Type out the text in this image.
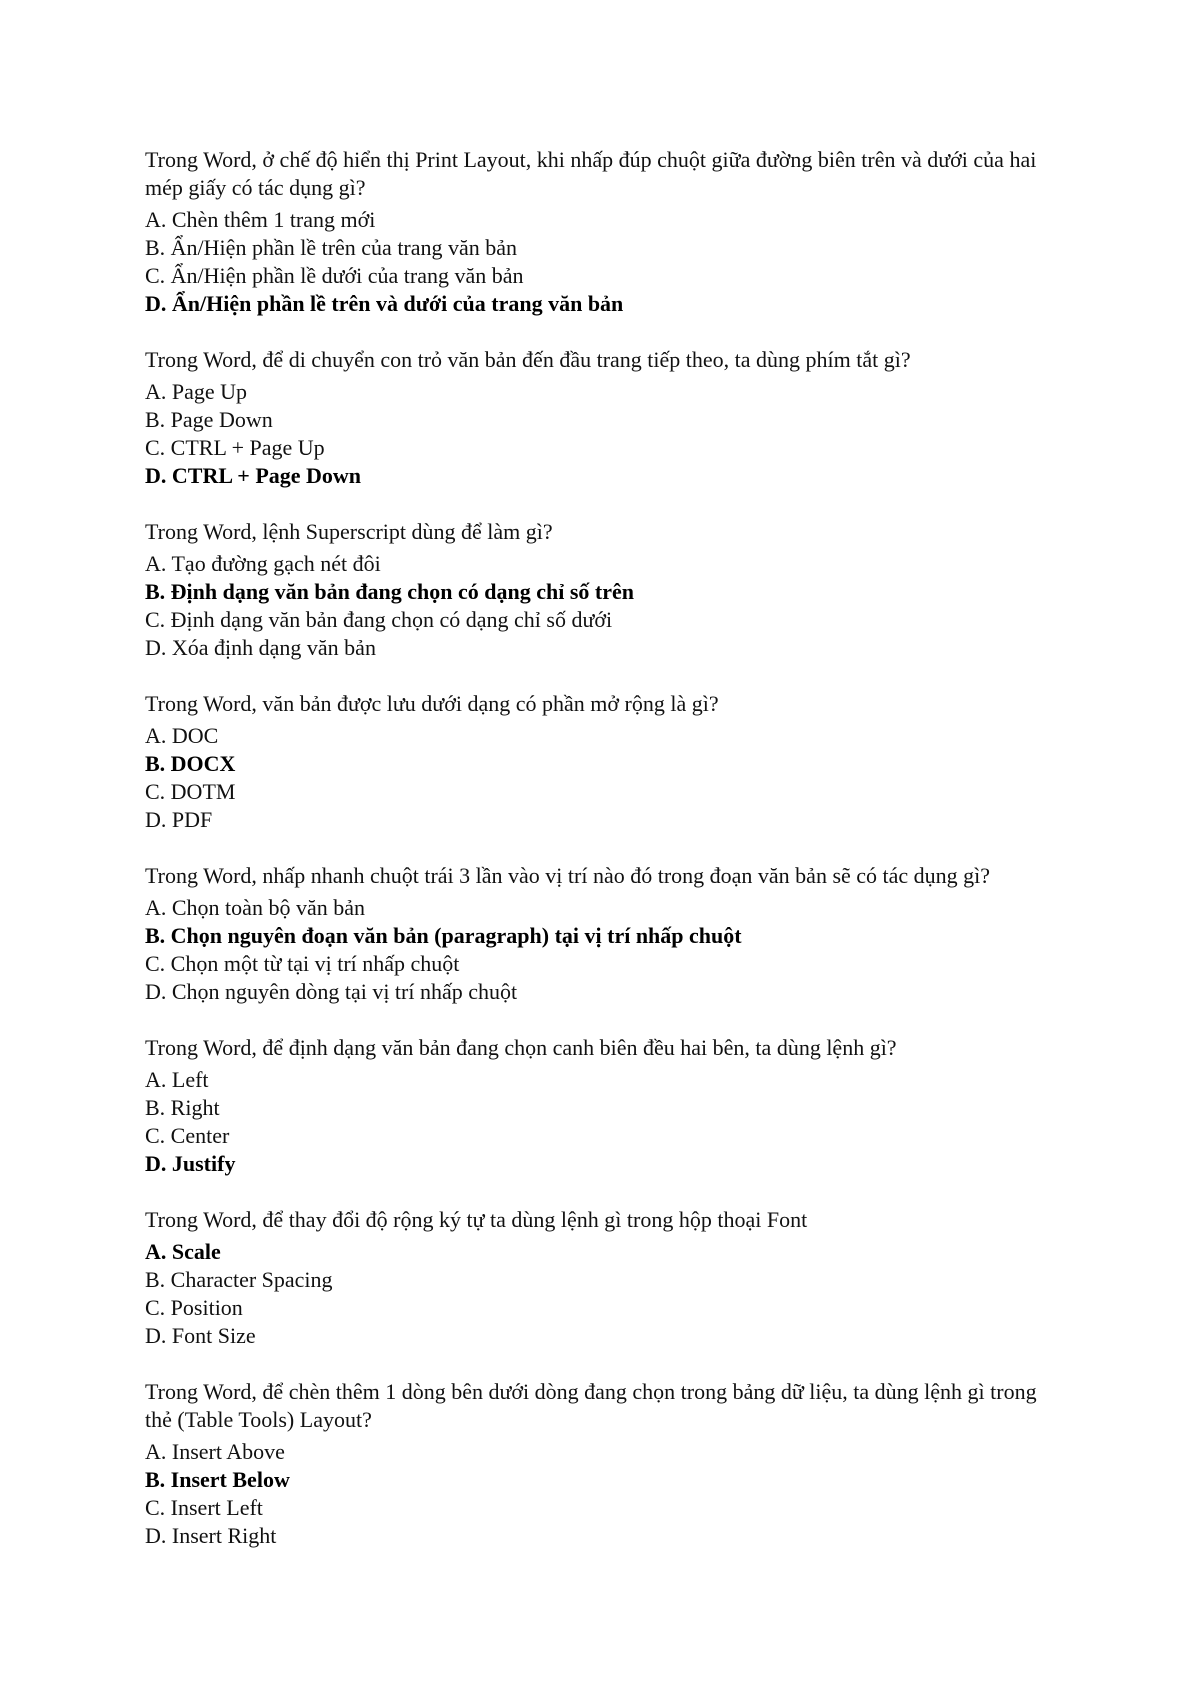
Trong Word, ở chế độ hiển thị Print Layout, khi nhấp đúp chuột giữa đường biên trên và dưới của hai mép giấy có tác dụng gì?
A. Chèn thêm 1 trang mới
B. Ẩn/Hiện phần lề trên của trang văn bản
C. Ẩn/Hiện phần lề dưới của trang văn bản
D. Ẩn/Hiện phần lề trên và dưới của trang văn bản
Trong Word, để di chuyển con trỏ văn bản đến đầu trang tiếp theo, ta dùng phím tắt gì?
A. Page Up
B. Page Down
C. CTRL + Page Up
D. CTRL + Page Down
Trong Word, lệnh Superscript dùng để làm gì?
A. Tạo đường gạch nét đôi
B. Định dạng văn bản đang chọn có dạng chỉ số trên
C. Định dạng văn bản đang chọn có dạng chỉ số dưới
D. Xóa định dạng văn bản
Trong Word, văn bản được lưu dưới dạng có phần mở rộng là gì?
A. DOC
B. DOCX
C. DOTM
D. PDF
Trong Word, nhấp nhanh chuột trái 3 lần vào vị trí nào đó trong đoạn văn bản sẽ có tác dụng gì?
A. Chọn toàn bộ văn bản
B. Chọn nguyên đoạn văn bản (paragraph) tại vị trí nhấp chuột
C. Chọn một từ tại vị trí nhấp chuột
D. Chọn nguyên dòng tại vị trí nhấp chuột
Trong Word, để định dạng văn bản đang chọn canh biên đều hai bên, ta dùng lệnh gì?
A. Left
B. Right
C. Center
D. Justify
Trong Word, để thay đổi độ rộng ký tự ta dùng lệnh gì trong hộp thoại Font
A. Scale
B. Character Spacing
C. Position
D. Font Size
Trong Word, để chèn thêm 1 dòng bên dưới dòng đang chọn trong bảng dữ liệu, ta dùng lệnh gì trong thẻ (Table Tools) Layout?
A. Insert Above
B. Insert Below
C. Insert Left
D. Insert Right
